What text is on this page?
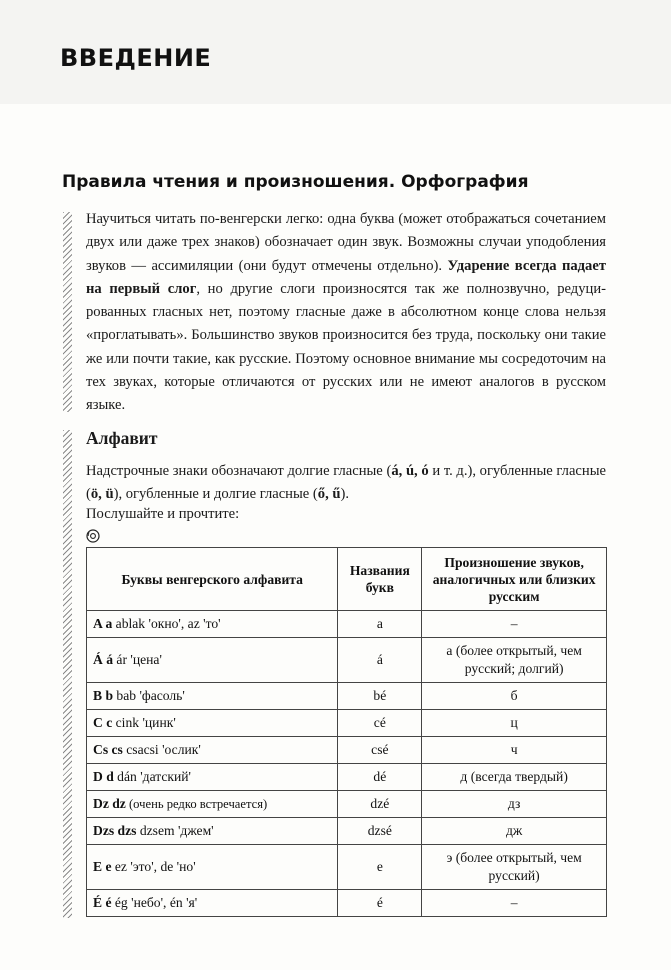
ВВЕДЕНИЕ
Правила чтения и произношения. Орфография
Научиться читать по-венгерски легко: одна буква (может отображаться сочетанием двух или даже трех знаков) обозначает один звук. Возможны случаи уподобления звуков — ассимиляции (они будут отмечены отдельно). Ударение всегда падает на первый слог, но другие слоги произносятся так же полнозвучно, редуцированных гласных нет, поэтому гласные даже в абсолютном конце слова нельзя «проглатывать». Большинство звуков произносится без труда, поскольку они такие же или почти такие, как русские. Поэтому основное внимание мы сосредоточим на тех звуках, которые отличаются от русских или не имеют аналогов в русском языке.
Алфавит
Надстрочные знаки обозначают долгие гласные (á, ú, ó и т. д.), огубленные гласные (ö, ü), огубленные и долгие гласные (ő, ű).
Послушайте и прочтите:
Буквы венгерского алфавита	Названия букв	Произношение звуков, аналогичных или близких русским
A a ablak 'окно', az 'то'	a	–
Á á ár 'цена'	á	а (более открытый, чем русский; долгий)
B b bab 'фасоль'	bé	б
C c cink 'цинк'	cé	ц
Cs cs csacsi 'ослик'	csé	ч
D d dán 'датский'	dé	д (всегда твердый)
Dz dz (очень редко встречается)	dzé	дз
Dzs dzs dzsem 'джем'	dzsé	дж
E e ez 'это', de 'но'	e	э (более открытый, чем русский)
É é ég 'небо', én 'я'	é	–
